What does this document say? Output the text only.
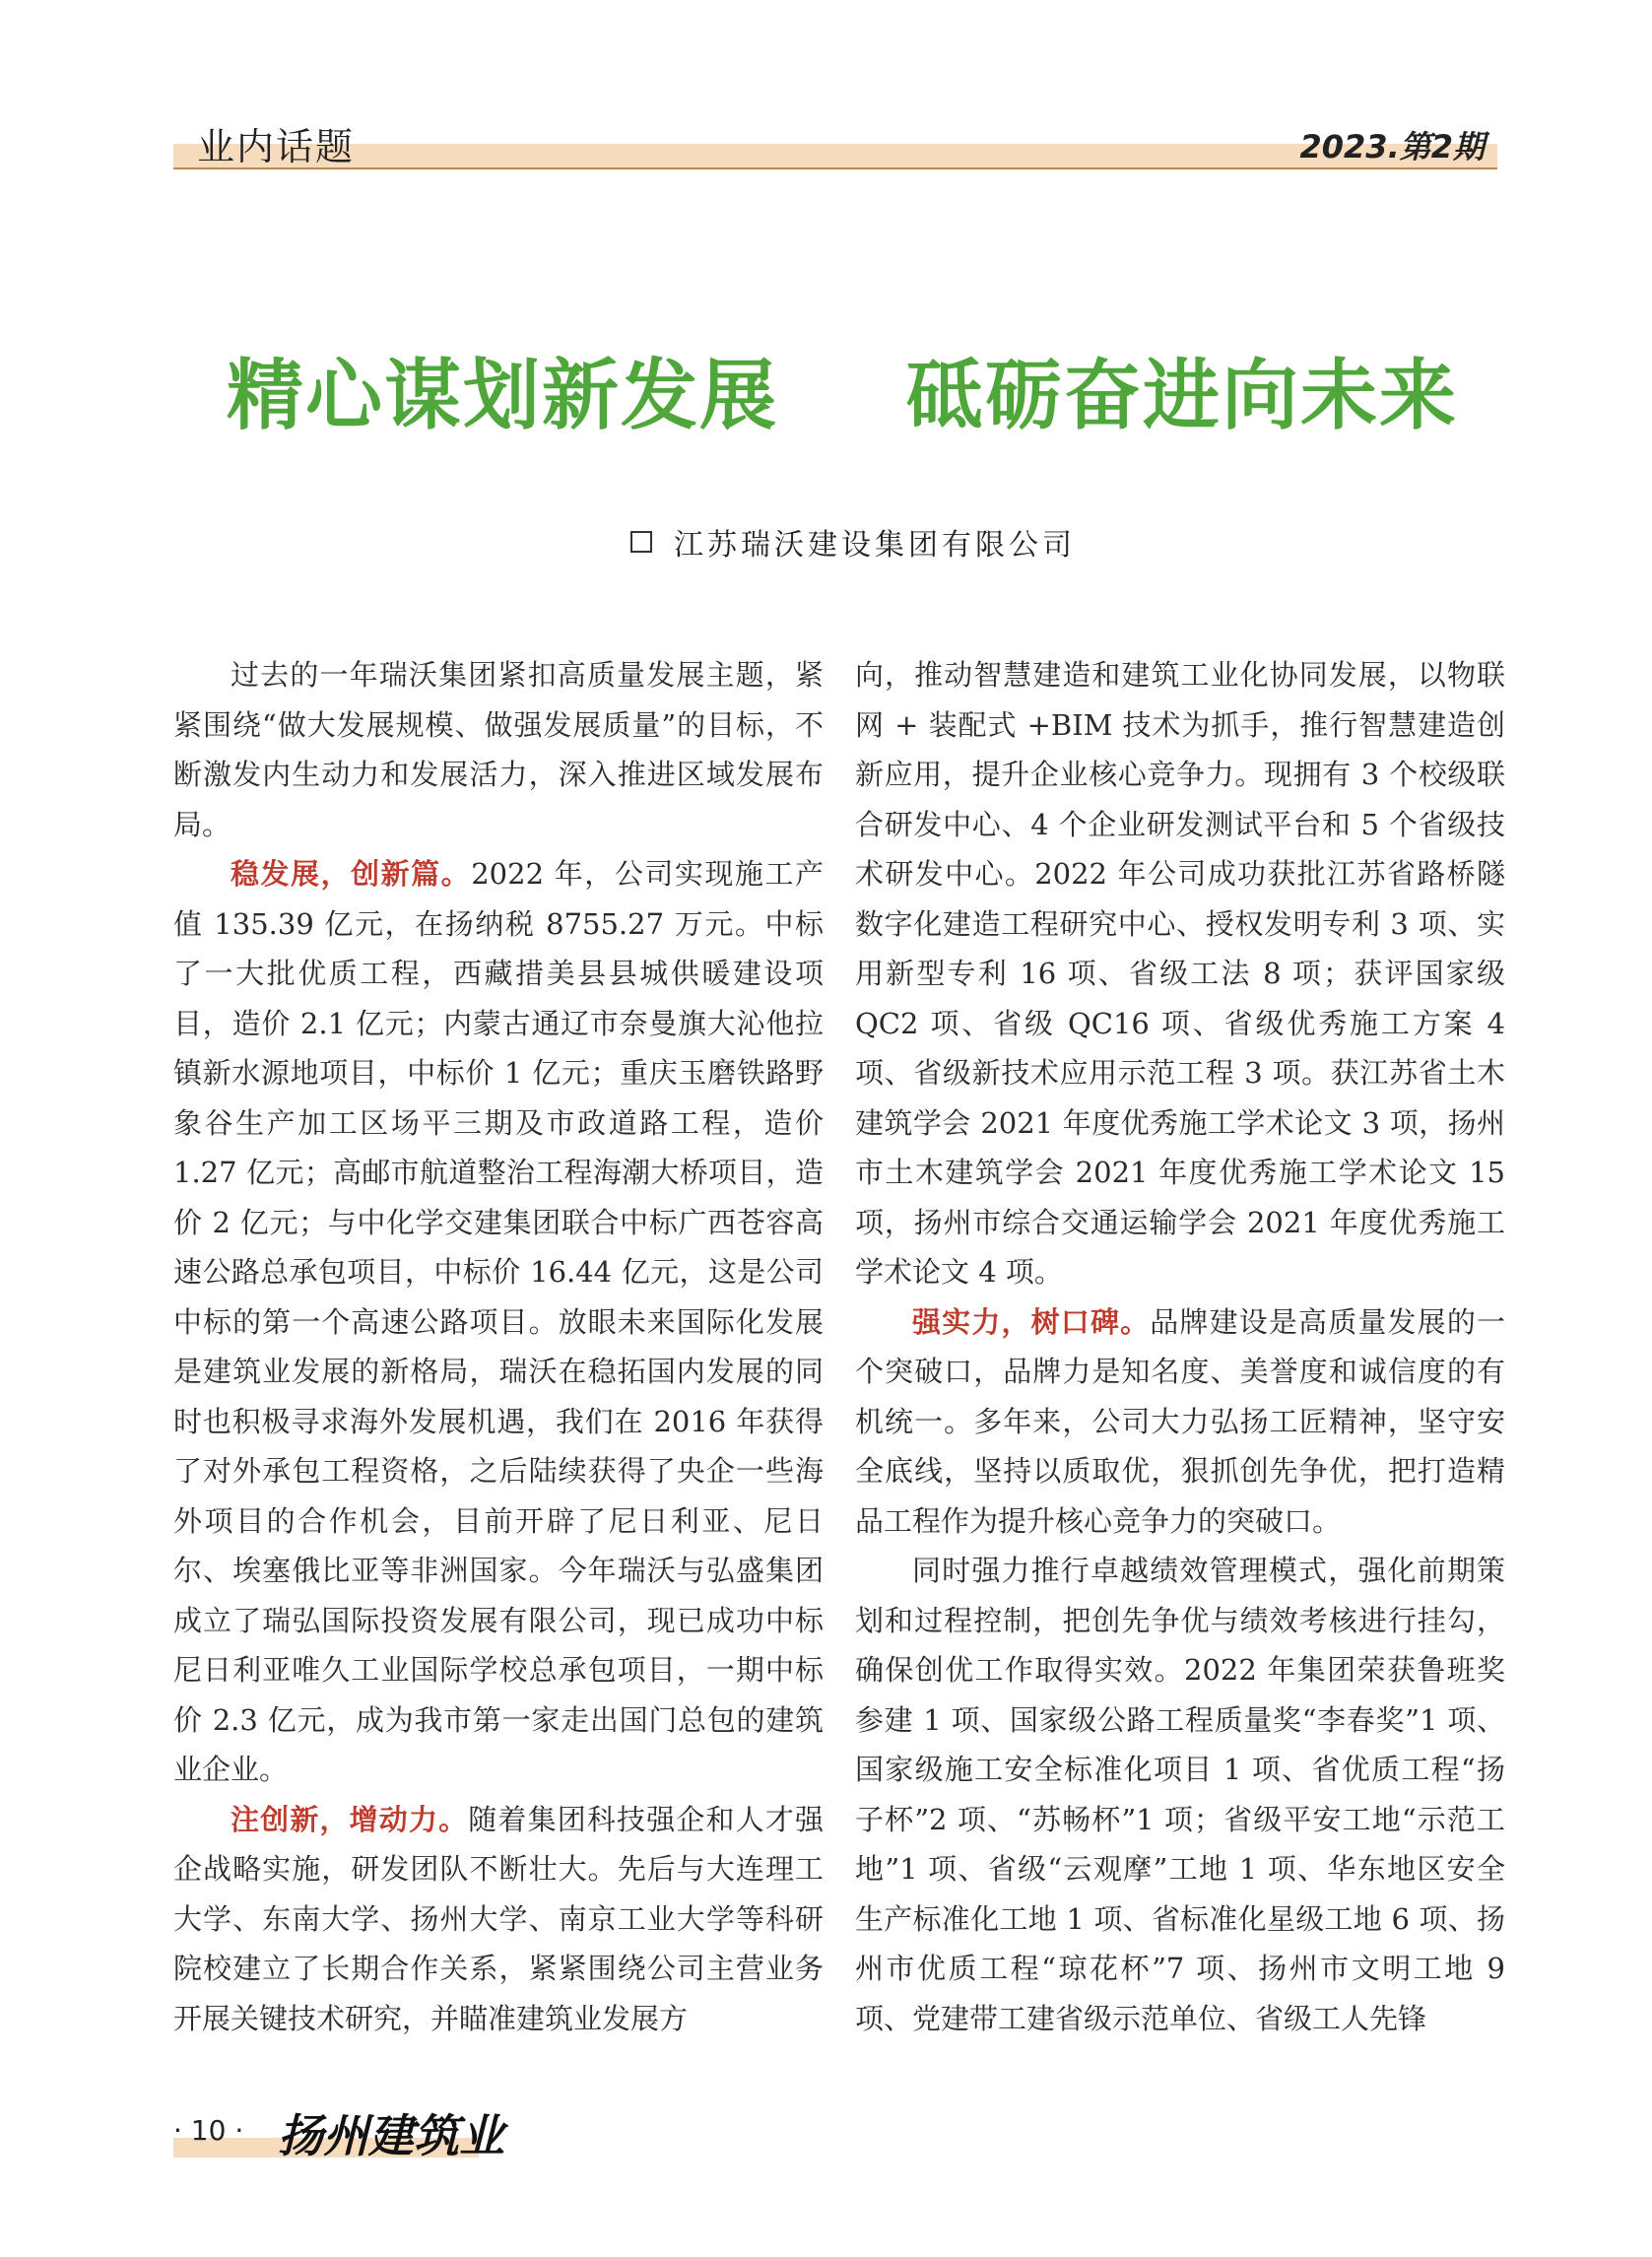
业内话题	2023.第2期
精心谋划新发展 砥砺奋进向未来
江苏瑞沃建设集团有限公司

过去的一年瑞沃集团紧扣高质量发展主题，紧紧围绕“做大发展规模、做强发展质量”的目标，不断激发内生动力和发展活力，深入推进区域发展布局。

稳发展，创新篇。2022 年，公司实现施工产值 135.39 亿元，在扬纳税 8755.27 万元。中标了一大批优质工程，西藏措美县县城供暖建设项目，造价 2.1 亿元；内蒙古通辽市奈曼旗大沁他拉镇新水源地项目，中标价 1 亿元；重庆玉磨铁路野象谷生产加工区场平三期及市政道路工程，造价 1.27 亿元；高邮市航道整治工程海潮大桥项目，造价 2 亿元；与中化学交建集团联合中标广西苍容高速公路总承包项目，中标价 16.44 亿元，这是公司中标的第一个高速公路项目。放眼未来国际化发展是建筑业发展的新格局，瑞沃在稳拓国内发展的同时也积极寻求海外发展机遇，我们在 2016 年获得了对外承包工程资格，之后陆续获得了央企一些海外项目的合作机会，目前开辟了尼日利亚、尼日尔、埃塞俄比亚等非洲国家。今年瑞沃与弘盛集团成立了瑞弘国际投资发展有限公司，现已成功中标尼日利亚唯久工业国际学校总承包项目，一期中标价 2.3 亿元，成为我市第一家走出国门总包的建筑业企业。

注创新，增动力。随着集团科技强企和人才强企战略实施，研发团队不断壮大。先后与大连理工大学、东南大学、扬州大学、南京工业大学等科研院校建立了长期合作关系，紧紧围绕公司主营业务开展关键技术研究，并瞄准建筑业发展方

向，推动智慧建造和建筑工业化协同发展，以物联网 + 装配式 +BIM 技术为抓手，推行智慧建造创新应用，提升企业核心竞争力。现拥有 3 个校级联合研发中心、4 个企业研发测试平台和 5 个省级技术研发中心。2022 年公司成功获批江苏省路桥隧数字化建造工程研究中心、授权发明专利 3 项、实用新型专利 16 项、省级工法 8 项；获评国家级 QC2 项、省级 QC16 项、省级优秀施工方案 4 项、省级新技术应用示范工程 3 项。获江苏省土木建筑学会 2021 年度优秀施工学术论文 3 项，扬州市土木建筑学会 2021 年度优秀施工学术论文 15 项，扬州市综合交通运输学会 2021 年度优秀施工学术论文 4 项。

强实力，树口碑。品牌建设是高质量发展的一个突破口，品牌力是知名度、美誉度和诚信度的有机统一。多年来，公司大力弘扬工匠精神，坚守安全底线，坚持以质取优，狠抓创先争优，把打造精品工程作为提升核心竞争力的突破口。

同时强力推行卓越绩效管理模式，强化前期策划和过程控制，把创先争优与绩效考核进行挂勾，确保创优工作取得实效。2022 年集团荣获鲁班奖参建 1 项、国家级公路工程质量奖“李春奖”1 项、国家级施工安全标准化项目 1 项、省优质工程“扬子杯”2 项、“苏畅杯”1 项；省级平安工地“示范工地”1 项、省级“云观摩”工地 1 项、华东地区安全生产标准化工地 1 项、省标准化星级工地 6 项、扬州市优质工程“琼花杯”7 项、扬州市文明工地 9 项、党建带工建省级示范单位、省级工人先锋

· 10 · 扬州建筑业
